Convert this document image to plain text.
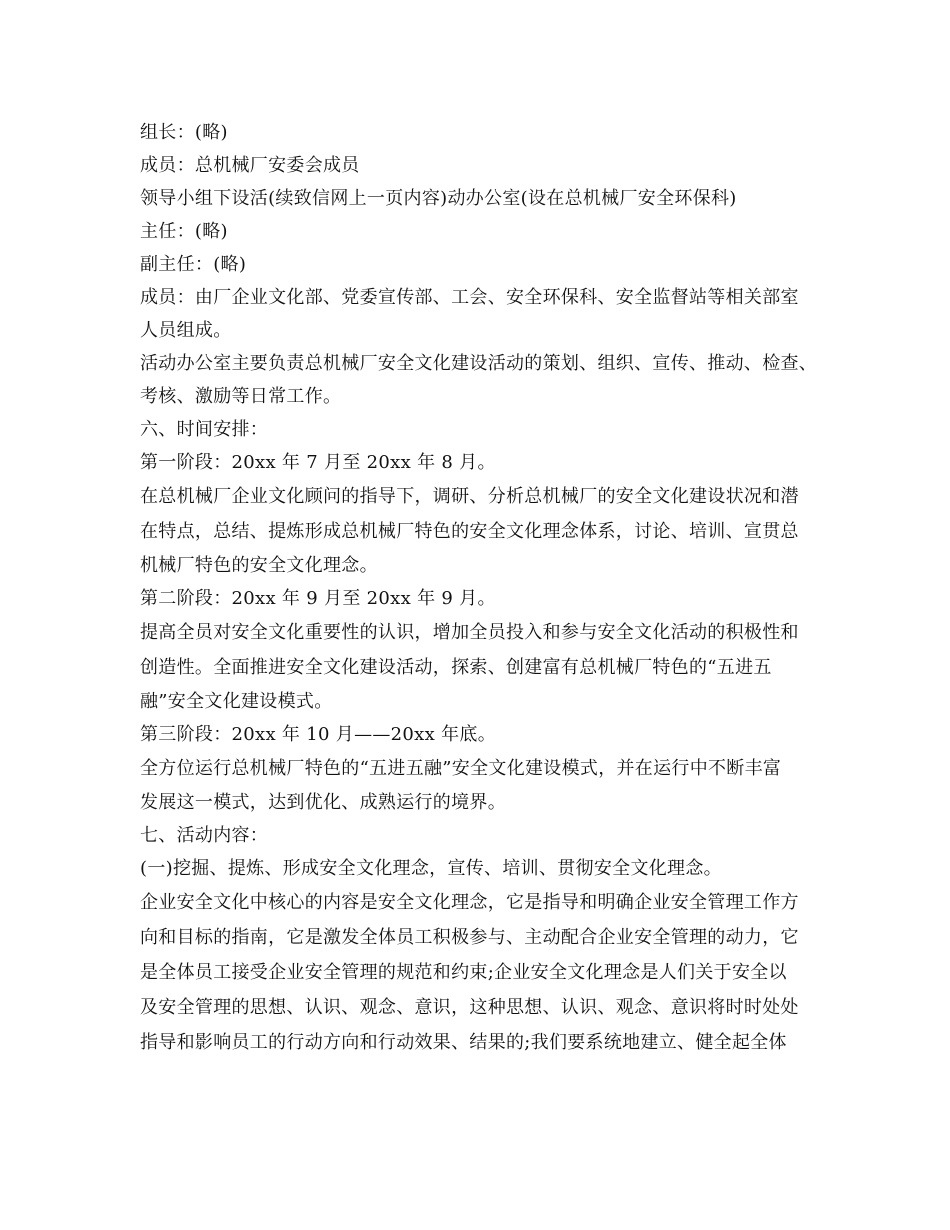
组长：(略)
成员：总机械厂安委会成员
领导小组下设活(续致信网上一页内容)动办公室(设在总机械厂安全环保科)
主任：(略)
副主任：(略)
成员：由厂企业文化部、党委宣传部、工会、安全环保科、安全监督站等相关部室
人员组成。
活动办公室主要负责总机械厂安全文化建设活动的策划、组织、宣传、推动、检查、
考核、激励等日常工作。
六、时间安排：
第一阶段：20xx 年 7 月至 20xx 年 8 月。
在总机械厂企业文化顾问的指导下，调研、分析总机械厂的安全文化建设状况和潜
在特点，总结、提炼形成总机械厂特色的安全文化理念体系，讨论、培训、宣贯总
机械厂特色的安全文化理念。
第二阶段：20xx 年 9 月至 20xx 年 9 月。
提高全员对安全文化重要性的认识，增加全员投入和参与安全文化活动的积极性和
创造性。全面推进安全文化建设活动，探索、创建富有总机械厂特色的“五进五
融”安全文化建设模式。
第三阶段：20xx 年 10 月——20xx 年底。
全方位运行总机械厂特色的“五进五融”安全文化建设模式，并在运行中不断丰富
发展这一模式，达到优化、成熟运行的境界。
七、活动内容：
(一)挖掘、提炼、形成安全文化理念，宣传、培训、贯彻安全文化理念。
企业安全文化中核心的内容是安全文化理念，它是指导和明确企业安全管理工作方
向和目标的指南，它是激发全体员工积极参与、主动配合企业安全管理的动力，它
是全体员工接受企业安全管理的规范和约束;企业安全文化理念是人们关于安全以
及安全管理的思想、认识、观念、意识，这种思想、认识、观念、意识将时时处处
指导和影响员工的行动方向和行动效果、结果的;我们要系统地建立、健全起全体
